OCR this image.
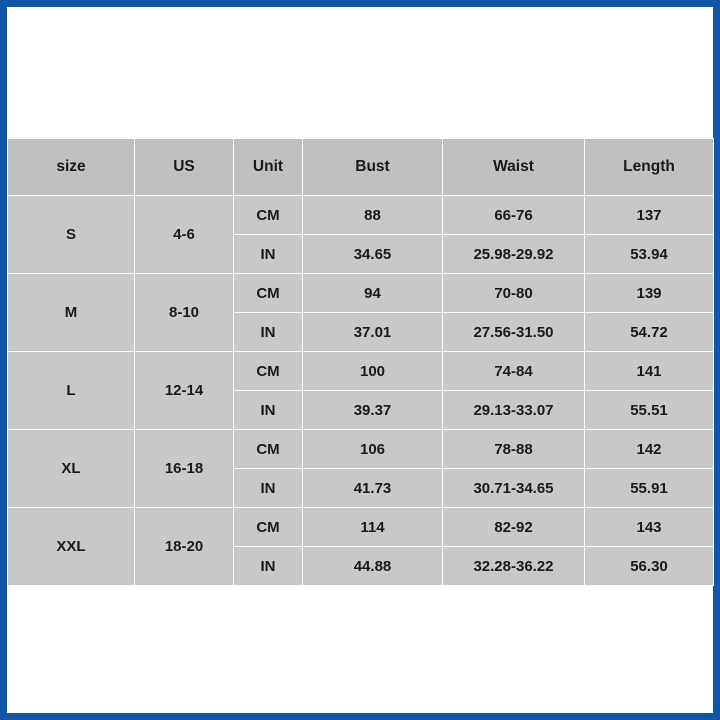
size	US	Unit	Bust	Waist	Length
S	4-6	CM	88	66-76	137
		IN	34.65	25.98-29.92	53.94
M	8-10	CM	94	70-80	139
		IN	37.01	27.56-31.50	54.72
L	12-14	CM	100	74-84	141
		IN	39.37	29.13-33.07	55.51
XL	16-18	CM	106	78-88	142
		IN	41.73	30.71-34.65	55.91
XXL	18-20	CM	114	82-92	143
		IN	44.88	32.28-36.22	56.30
